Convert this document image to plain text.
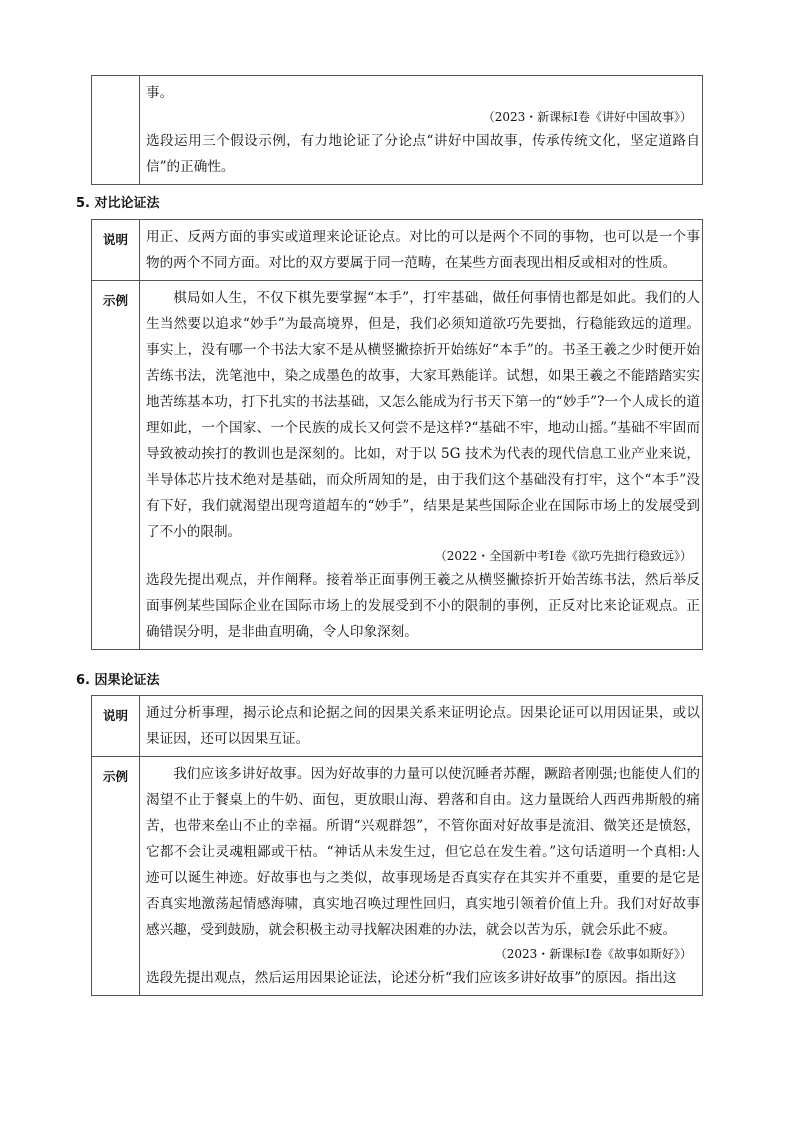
事。

（2023・新课标Ⅰ卷《讲好中国故事》）

选段运用三个假设示例，有力地论证了分论点“讲好中国故事，传承传统文化，坚定道路自信”的正确性。

5. 对比论证法
说明	用正、反两方面的事实或道理来论证论点。对比的可以是两个不同的事物，也可以是一个事物的两个不同方面。对比的双方要属于同一范畴，在某些方面表现出相反或相对的性质。

示例	棋局如人生，不仅下棋先要掌握“本手”，打牢基础，做任何事情也都是如此。我们的人生当然要以追求“妙手”为最高境界，但是，我们必须知道欲巧先要拙，行稳能致远的道理。事实上，没有哪一个书法大家不是从横竖撇捺折开始练好“本手”的。书圣王羲之少时便开始苦练书法，洗笔池中，染之成墨色的故事，大家耳熟能详。试想，如果王羲之不能踏踏实实地苦练基本功，打下扎实的书法基础，又怎么能成为行书天下第一的“妙手”?一个人成长的道理如此，一个国家、一个民族的成长又何尝不是这样?“基础不牢，地动山摇。”基础不牢固而导致被动挨打的教训也是深刻的。比如，对于以 5G 技术为代表的现代信息工业产业来说，半导体芯片技术绝对是基础，而众所周知的是，由于我们这个基础没有打牢，这个“本手”没有下好，我们就渴望出现弯道超车的“妙手”，结果是某些国际企业在国际市场上的发展受到了不小的限制。

（2022・全国新中考Ⅰ卷《欲巧先拙行稳致远》）

选段先提出观点，并作阐释。接着举正面事例王羲之从横竖撇捺折开始苦练书法，然后举反面事例某些国际企业在国际市场上的发展受到不小的限制的事例，正反对比来论证观点。正确错误分明，是非曲直明确，令人印象深刻。

6. 因果论证法
说明	通过分析事理，揭示论点和论据之间的因果关系来证明论点。因果论证可以用因证果，或以果证因，还可以因果互证。

示例	我们应该多讲好故事。因为好故事的力量可以使沉睡者苏醒，蹶踣者刚强;也能使人们的渴望不止于餐桌上的牛奶、面包，更放眼山海、碧落和自由。这力量既给人西西弗斯般的痛苦，也带来垒山不止的幸福。所谓“兴观群怨”，不管你面对好故事是流泪、微笑还是愤怒，它都不会让灵魂粗鄙或干枯。“神话从未发生过，但它总在发生着。”这句话道明一个真相:人迹可以诞生神迹。好故事也与之类似，故事现场是否真实存在其实并不重要，重要的是它是否真实地激荡起情感海啸，真实地召唤过理性回归，真实地引领着价值上升。我们对好故事感兴趣，受到鼓励，就会积极主动寻找解决困难的办法，就会以苦为乐，就会乐此不疲。

（2023・新课标Ⅰ卷《故事如斯好》）

选段先提出观点，然后运用因果论证法，论述分析“我们应该多讲好故事”的原因。指出这
